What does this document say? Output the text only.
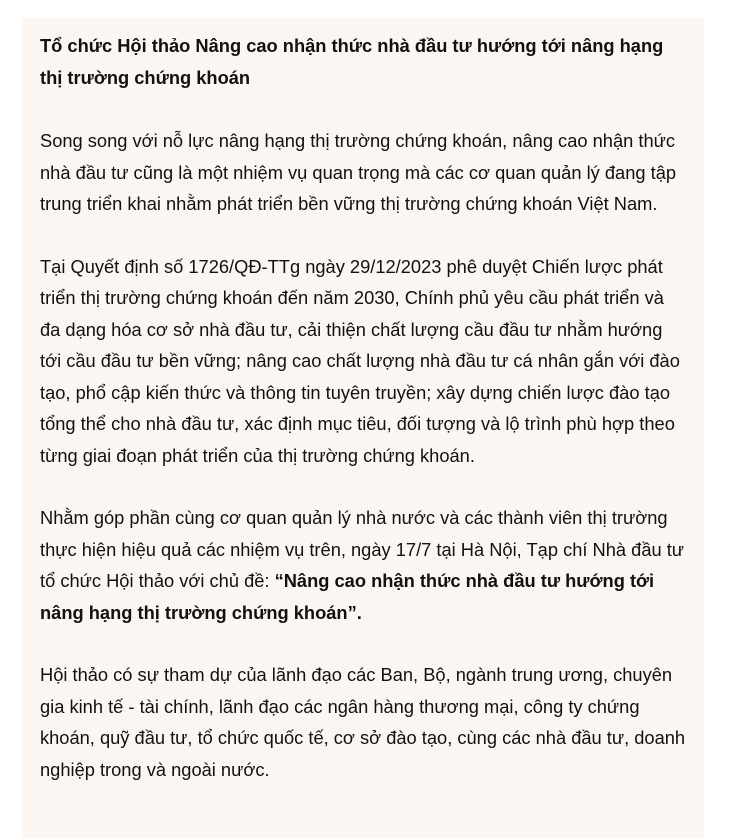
Tổ chức Hội thảo Nâng cao nhận thức nhà đầu tư hướng tới nâng hạng thị trường chứng khoán

Song song với nỗ lực nâng hạng thị trường chứng khoán, nâng cao nhận thức nhà đầu tư cũng là một nhiệm vụ quan trọng mà các cơ quan quản lý đang tập trung triển khai nhằm phát triển bền vững thị trường chứng khoán Việt Nam.

Tại Quyết định số 1726/QĐ-TTg ngày 29/12/2023 phê duyệt Chiến lược phát triển thị trường chứng khoán đến năm 2030, Chính phủ yêu cầu phát triển và đa dạng hóa cơ sở nhà đầu tư, cải thiện chất lượng cầu đầu tư nhằm hướng tới cầu đầu tư bền vững; nâng cao chất lượng nhà đầu tư cá nhân gắn với đào tạo, phổ cập kiến thức và thông tin tuyên truyền; xây dựng chiến lược đào tạo tổng thể cho nhà đầu tư, xác định mục tiêu, đối tượng và lộ trình phù hợp theo từng giai đoạn phát triển của thị trường chứng khoán.

Nhằm góp phần cùng cơ quan quản lý nhà nước và các thành viên thị trường thực hiện hiệu quả các nhiệm vụ trên, ngày 17/7 tại Hà Nội, Tạp chí Nhà đầu tư tổ chức Hội thảo với chủ đề: “Nâng cao nhận thức nhà đầu tư hướng tới nâng hạng thị trường chứng khoán”.

Hội thảo có sự tham dự của lãnh đạo các Ban, Bộ, ngành trung ương, chuyên gia kinh tế - tài chính, lãnh đạo các ngân hàng thương mại, công ty chứng khoán, quỹ đầu tư, tổ chức quốc tế, cơ sở đào tạo, cùng các nhà đầu tư, doanh nghiệp trong và ngoài nước.
